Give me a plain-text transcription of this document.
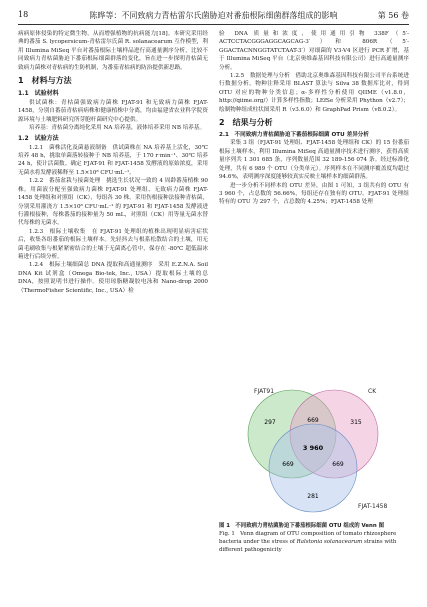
18	陈晔等：不同致病力青枯雷尔氏菌胁迫对番茄根际细菌群落组成的影响	第 56 卷

病病原体侵染的特定微生物，从而增强植物的抗病能力[18]。本研究采用经典的番茄 S. lycopersicum-青枯雷尔氏菌 R. solanacearum 互作模型，利用 Illumina MiSeq 平台对番茄根际土壤样品进行高通量测序分析，比较不同致病力青枯菌胁迫下番茄根际细菌群落的变化，旨在进一步探明青枯菌无致病力菌株对青枯病的生防机制，为番茄青枯病的防治提供新思路。

1　材料与方法
1.1　试验材料

供试菌株：青枯菌强致病力菌株 FJAT-91 和无致病力菌株 FJAT-1458，分别自番茄青枯病病株和健康植株中分离，均由福建省农业科学院资源环境与土壤肥料研究所芽胞杆菌研究中心提供。

培养基：青枯菌分离纯化采用 NA 培养基，液体培养采用 NB 培养基。

1.2　试验方法

1.2.1　菌株活化及菌悬液制备　供试菌株在 NA 培养基上活化，30℃ 培养 48 h，挑取单菌落转接种于 NB 培养基，于 170 r·min⁻¹、30℃ 培养 24 h，使计活菌数。确定 FJAT-91 和 FJAT-1458 发酵液的原始浓度，采用无菌水将发酵液稀释至 1.5×10⁸ CFU·mL⁻¹。

1.2.2　番茄盆栽与接菌处理　挑选生长状况一致的 4 周龄番茄植株 90 株。用菌液分配至强致病力菌株 FJAT-91 处理组、无致病力菌株 FJAT-1458 处理组和对照组（CK），每组各 30 株。采用伤根接种法接种青枯菌，分别采用灌浇方 1.5×10⁸ CFU·mL⁻¹ 的 FJAT-91 和 FJAT-1458 发酵液进行灌根接种，每株番茄的接种量为 50 mL，对照组（CK）用等量无菌水替代每株的无菌水。

1.2.3　根际土壤收集　在 FJAT-91 处理组的植株出现明显病害症状后，收集各组番茄的根际土壤样本。先轻抖去与根系松散结合的土壤，用无菌毛刷收集与根紧紧密结合的土壤于无菌离心管中，保存在 -80℃ 超低温冰箱进行后续分析。

1.2.4　根际土壤细菌总 DNA 提取和高通量测序　采用 E.Z.N.A. Soil DNA Kit 试剂盒（Omega Bio-tek, Inc., USA）提取根际土壤的总 DNA，按照说明书进行操作。使用琼脂糖凝胶电泳和 Nano-drop 2000（ThermoFisher Scientific, Inc., USA）检

验 DNA 质量和浓度，使用通用引物 338F（5′-ACTCCTACGGGAGGCAGCAG-3′）和 806R（5′-GGACTACNNGGTATCTAAT-3′）对细菌的 V3-V4 区进行 PCR 扩增，基于 Illumina MiSeq 平台（北京奥维森基因科技有限公司）进行高通量测序分析。

1.2.5　数据处理与分析　借助北京奥维森基因科技有限公司平台系统进行数据分析。物种注释采用 BLAST 算法与 Silva 38 数据库比对，得到 OTU 对应的物种分类信息；α-多样性分析使用 QIIME（v1.8.0，http://qiime.org/）计算多样性指数；LEfSe 分析采用 Phython（v2.7）；绘制物种组成柱状图采用 R（v3.6.0）和 GraphPad Prism（v8.0.2）。

2　结果与分析
2.1　不同致病力青枯菌胁迫下番茄根际细菌 OTU 差异分析

采集 3 组（FJAT-91 处理组、FJAT-1458 处理组和 CK）的 15 份番茄根际土壤样本，利用 Illumina MiSeq 高通量测序技术进行测序，获得高质量序列共 1 301 685 条，序列数量范围 32 189-156 074 条。经过标准化处理，共有 6 989 个 OTU（分类单元）。序列样本在不同测序覆盖度均超过 94.6%，表明测序深度能够较真实反映土壤样本的细菌群落。

进一步分析不同样本的 OTU 差异，由图 1 可知，3 组共有的 OTU 有 3 960 个，占总数的 56.66%，每组还存在独有的 OTU。FJAT-91 处理组特有的 OTU 为 297 个，占总数的 4.25%；FJAT-1458 处理

FJAT91	CK
FJAT-1458
297	315
281
669
669	669
3 960
图 1　不同致病力青枯菌胁迫下番茄根际细菌 OTU 组成的 Venn 图
Fig. 1　Venn diagram of OTU composition of tomato rhizosphere bacteria under the stress of Ralstonia solanacearum strains with different pathogenicity
